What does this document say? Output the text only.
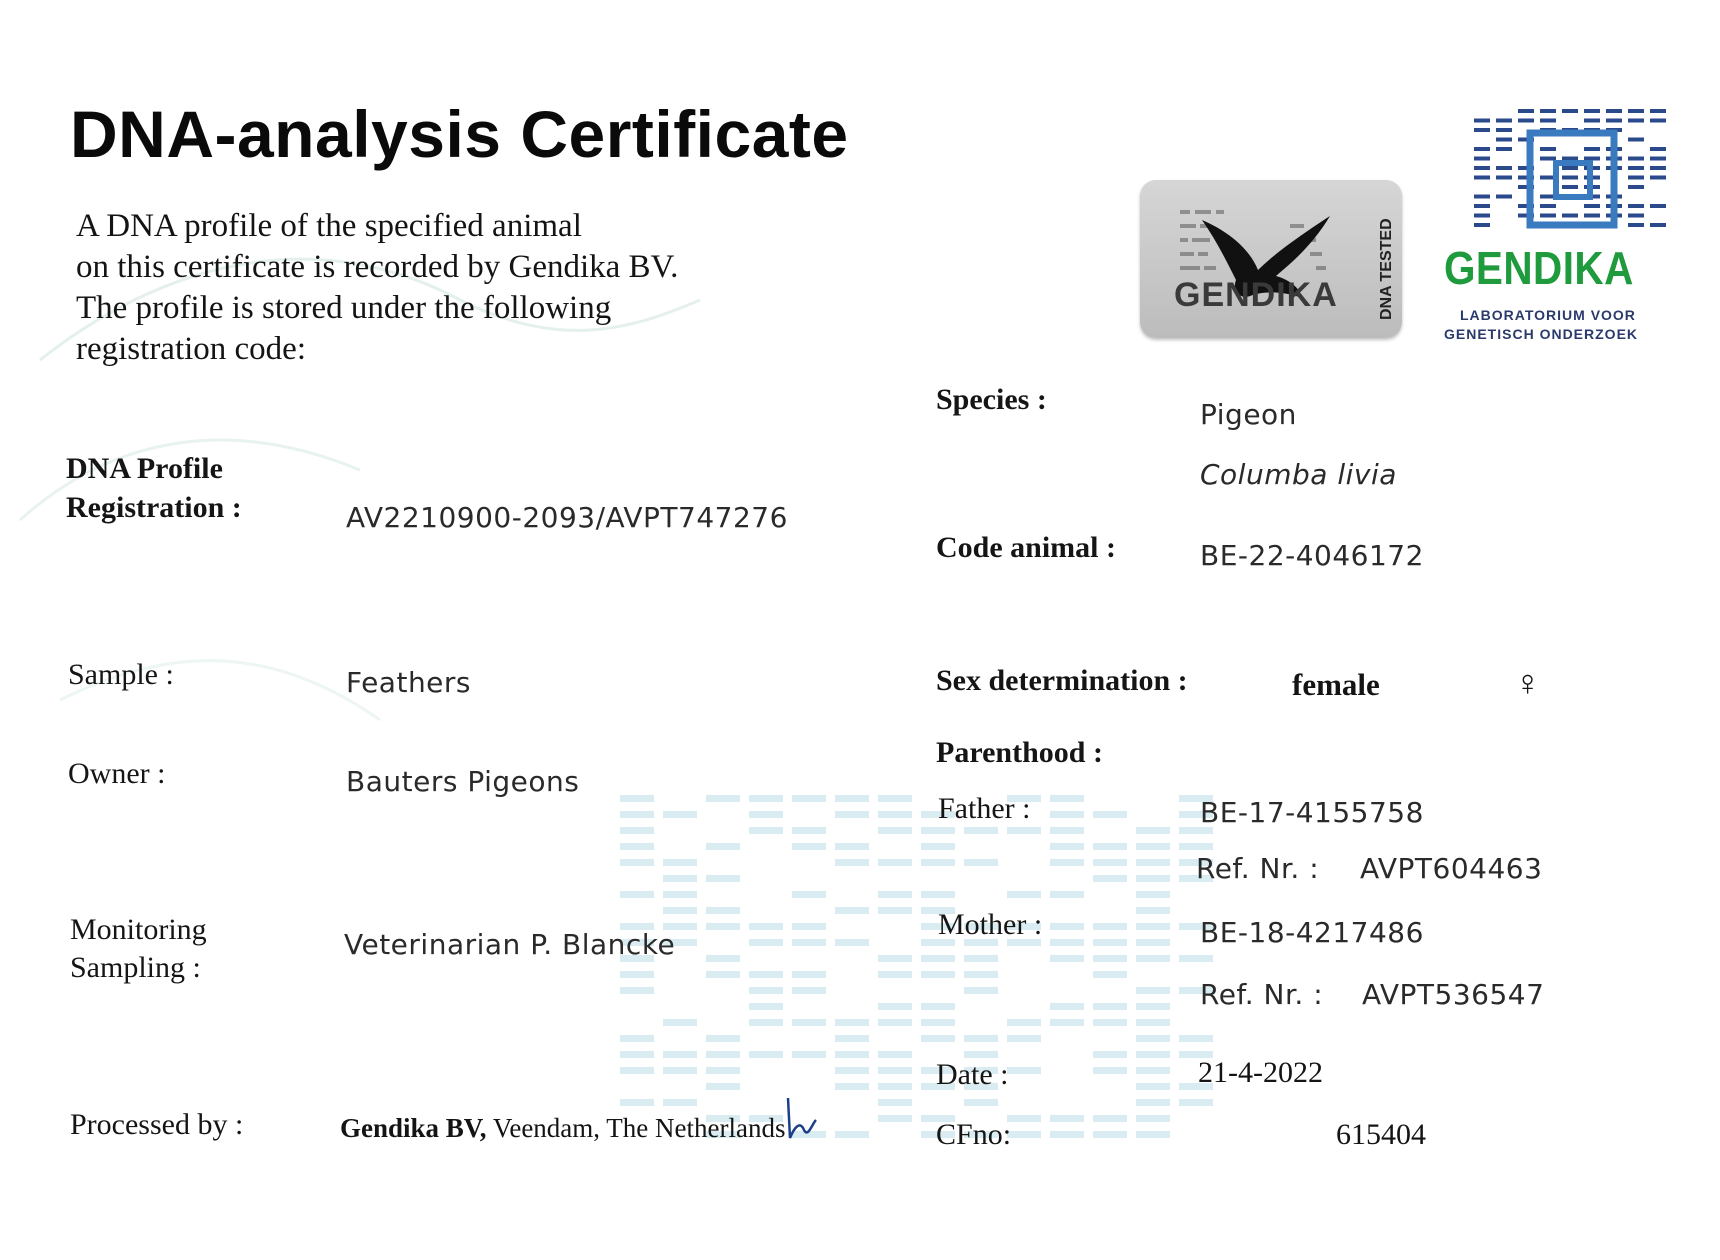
DNA-analysis Certificate
A DNA profile of the specified animal
on this certificate is recorded by Gendika BV.
The profile is stored under the following
registration code:
GENDIKA	DNA TESTED GENDIKA
LABORATORIUM VOOR
GENETISCH ONDERZOEK
DNA Profile
Registration :	AV2210900-2093/AVPT747276
Sample :	Feathers
Owner :	Bauters Pigeons
Monitoring
Sampling :
Veterinarian P. Blancke
Processed by :	Gendika BV, Veendam, The Netherlands
Species :	Pigeon
Columba livia
Code animal :	BE-22-4046172
Sex determination :	female	♀
Parenthood :
Father :	BE-17-4155758
Ref. Nr. : AVPT604463
Mother :	BE-18-4217486
Ref. Nr. : AVPT536547
Date :	21-4-2022
CFno:	615404
